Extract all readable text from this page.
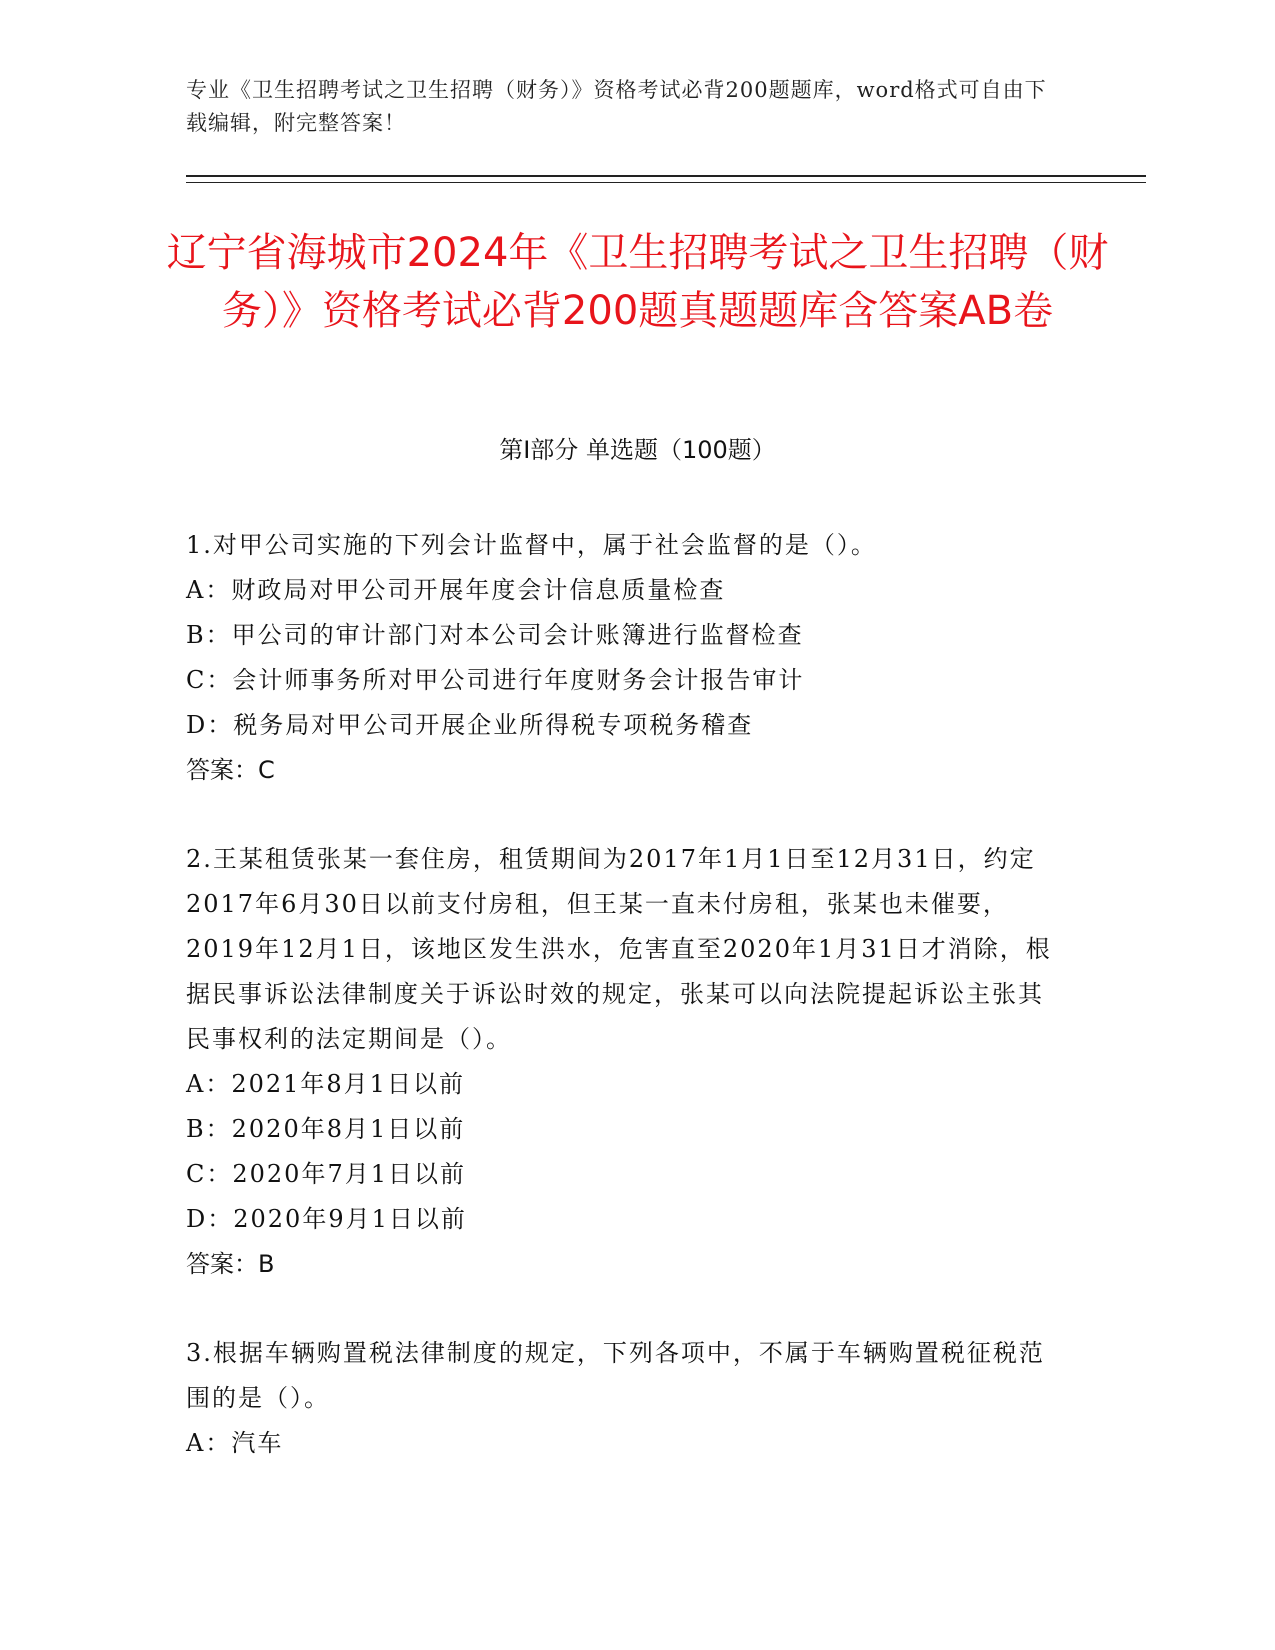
专业《卫生招聘考试之卫生招聘（财务）》资格考试必背200题题库，word格式可自由下载编辑，附完整答案！
辽宁省海城市2024年《卫生招聘考试之卫生招聘（财务）》资格考试必背200题真题题库含答案AB卷
第I部分 单选题（100题）

1.对甲公司实施的下列会计监督中，属于社会监督的是（）。

A：财政局对甲公司开展年度会计信息质量检查

B：甲公司的审计部门对本公司会计账簿进行监督检查

C：会计师事务所对甲公司进行年度财务会计报告审计

D：税务局对甲公司开展企业所得税专项税务稽查

答案：C

2.王某租赁张某一套住房，租赁期间为2017年1月1日至12月31日，约定2017年6月30日以前支付房租，但王某一直未付房租，张某也未催要，2019年12月1日，该地区发生洪水，危害直至2020年1月31日才消除，根据民事诉讼法律制度关于诉讼时效的规定，张某可以向法院提起诉讼主张其民事权利的法定期间是（）。

A：2021年8月1日以前

B：2020年8月1日以前

C：2020年7月1日以前

D：2020年9月1日以前

答案：B

3.根据车辆购置税法律制度的规定，下列各项中，不属于车辆购置税征税范围的是（）。

A：汽车
